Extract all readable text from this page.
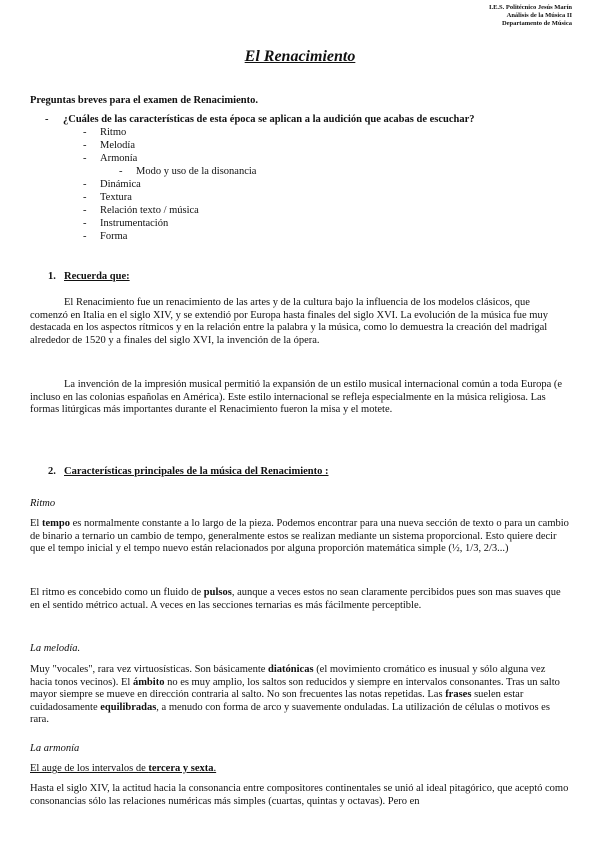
I.E.S. Politécnico Jesús Marín
Análisis de la Música II
Departamento de Música
El Renacimiento
Preguntas breves para el examen de Renacimiento.
- ¿Cuáles de las características de esta época se aplican a la audición que acabas de escuchar?
- Ritmo
- Melodía
- Armonía
- Modo y uso de la disonancia
- Dinámica
- Textura
- Relación texto / música
- Instrumentación
- Forma
1. Recuerda que:

El Renacimiento fue un renacimiento de las artes y de la cultura bajo la influencia de los modelos clásicos, que comenzó en Italia en el siglo XIV, y se extendió por Europa hasta finales del siglo XVI. La evolución de la música fue muy destacada en los aspectos rítmicos y en la relación entre la palabra y la música, como lo demuestra la creación del madrigal alrededor de 1520 y a finales del siglo XVI, la invención de la ópera.

La invención de la impresión musical permitió la expansión de un estilo musical internacional común a toda Europa (e incluso en las colonias españolas en América). Este estilo internacional se refleja especialmente en la música religiosa. Las formas litúrgicas más importantes durante el Renacimiento fueron la misa y el motete.

2. Características principales de la música del Renacimiento :
Ritmo

El tempo es normalmente constante a lo largo de la pieza. Podemos encontrar para una nueva sección de texto o para un cambio de binario a ternario un cambio de tempo, generalmente estos se realizan mediante un sistema proporcional. Esto quiere decir que el tempo inicial y el tempo nuevo están relacionados por alguna proporción matemática simple (½, 1/3, 2/3...)

El ritmo es concebido como un fluido de pulsos, aunque a veces estos no sean claramente percibidos pues son mas suaves que en el sentido métrico actual. A veces en las secciones ternarias es más fácilmente perceptible.

La melodía.

Muy "vocales", rara vez virtuosísticas. Son básicamente diatónicas (el movimiento cromático es inusual y sólo alguna vez hacia tonos vecinos). El ámbito no es muy amplio, los saltos son reducidos y siempre en intervalos consonantes. Tras un salto mayor siempre se mueve en dirección contraria al salto. No son frecuentes las notas repetidas. Las frases suelen estar cuidadosamente equilibradas, a menudo con forma de arco y suavemente onduladas. La utilización de células o motivos es rara.

La armonía

El auge de los intervalos de tercera y sexta.

Hasta el siglo XIV, la actitud hacia la consonancia entre compositores continentales se unió al ideal pitagórico, que aceptó como consonancias sólo las relaciones numéricas más simples (cuartas, quintas y octavas). Pero en
